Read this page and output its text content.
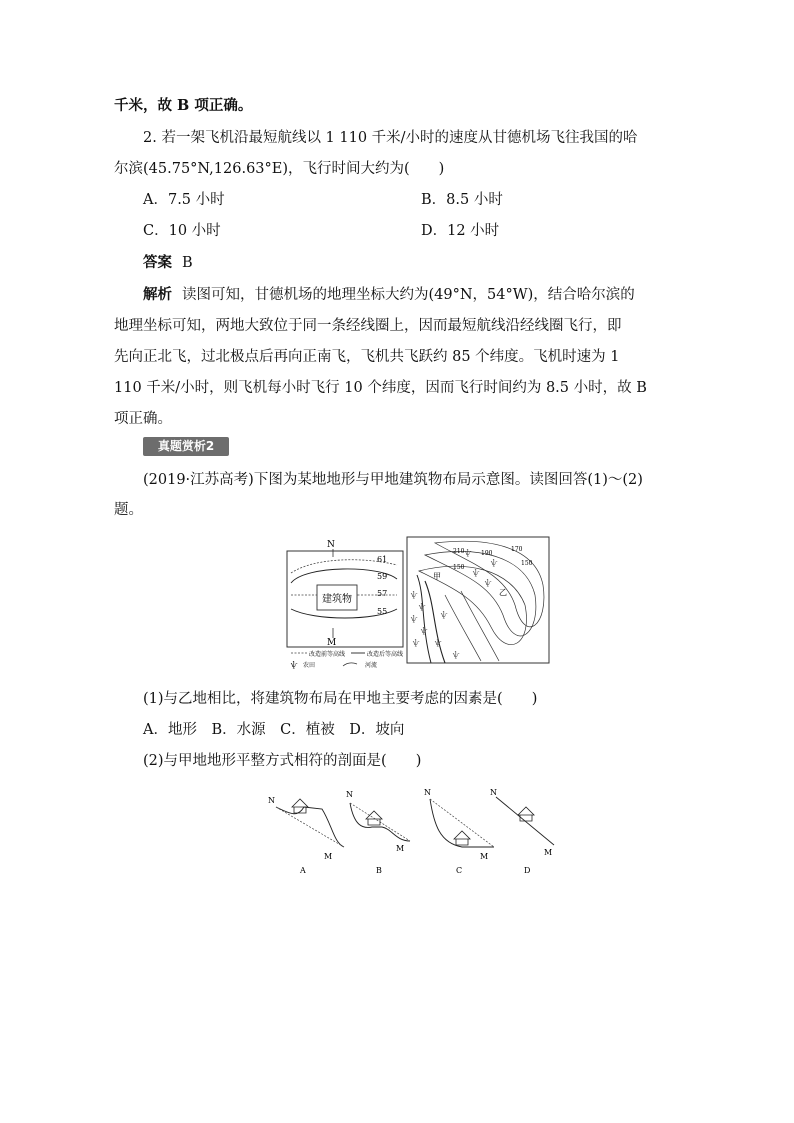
千米，故 B 项正确。
2. 若一架飞机沿最短航线以 1 110 千米/小时的速度从甘德机场飞往我国的哈
尔滨(45.75°N,126.63°E)，飞行时间大约为(　　)
A．7.5 小时	B．8.5 小时
C．10 小时	D．12 小时
答案 B
解析 读图可知，甘德机场的地理坐标大约为(49°N，54°W)，结合哈尔滨的
地理坐标可知，两地大致位于同一条经线圈上，因而最短航线沿经线圈飞行，即
先向正北飞，过北极点后再向正南飞，飞机共飞跃约 85 个纬度。飞机时速为 1
110 千米/小时，则飞机每小时飞行 10 个纬度，因而飞行时间约为 8.5 小时，故 B
项正确。
真题赏析2
(2019·江苏高考)下图为某地地形与甲地建筑物布局示意图。读图回答(1)～(2)
题。
N
建筑物
61
59
57
55
M
改造前等高线	改造后等高线
ѱ 农田	河流
210	190
170
150
150
甲
乙
ѱ
ѱ
ѱ
ѱ
ѱ ѱ
ѱ
ѱ
ѱ
ѱ
ѱ
ѱ
(1)与乙地相比，将建筑物布局在甲地主要考虑的因素是(　　)
A．地形　B．水源　C．植被　D．坡向
(2)与甲地地形平整方式相符的剖面是(　　)
N
M
A
N
M
B
N
M
C
N
M
D
